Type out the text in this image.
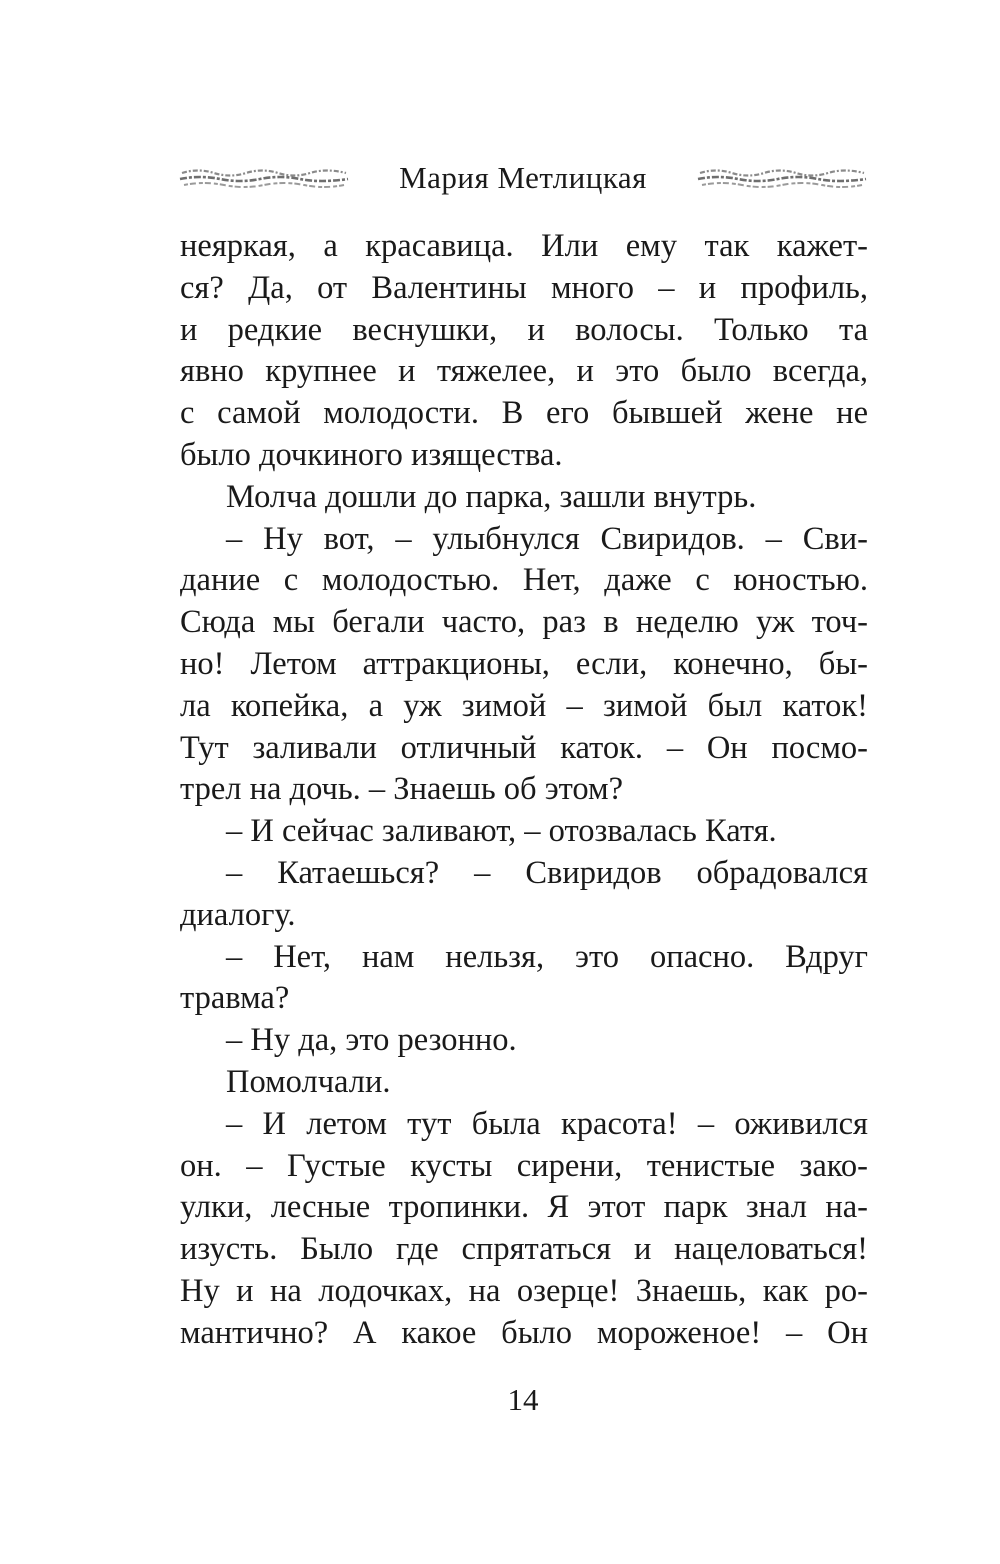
Мария Метлицкая
неяркая, а красавица. Или ему так кажет-
ся? Да, от Валентины много – и профиль,
и редкие веснушки, и волосы. Только та
явно крупнее и тяжелее, и это было всегда,
с самой молодости. В его бывшей жене не
было дочкиного изящества.
Молча дошли до парка, зашли внутрь.
– Ну вот, – улыбнулся Свиридов. – Сви-
дание с молодостью. Нет, даже с юностью.
Сюда мы бегали часто, раз в неделю уж точ-
но! Летом аттракционы, если, конечно, бы-
ла копейка, а уж зимой – зимой был каток!
Тут заливали отличный каток. – Он посмо-
трел на дочь. – Знаешь об этом?
– И сейчас заливают, – отозвалась Катя.
– Катаешься? – Свиридов обрадовался
диалогу.
– Нет, нам нельзя, это опасно. Вдруг
травма?
– Ну да, это резонно.
Помолчали.
– И летом тут была красота! – оживился
он. – Густые кусты сирени, тенистые зако-
улки, лесные тропинки. Я этот парк знал на-
изусть. Было где спрятаться и нацеловаться!
Ну и на лодочках, на озерце! Знаешь, как ро-
мантично? А какое было мороженое! – Он
14
